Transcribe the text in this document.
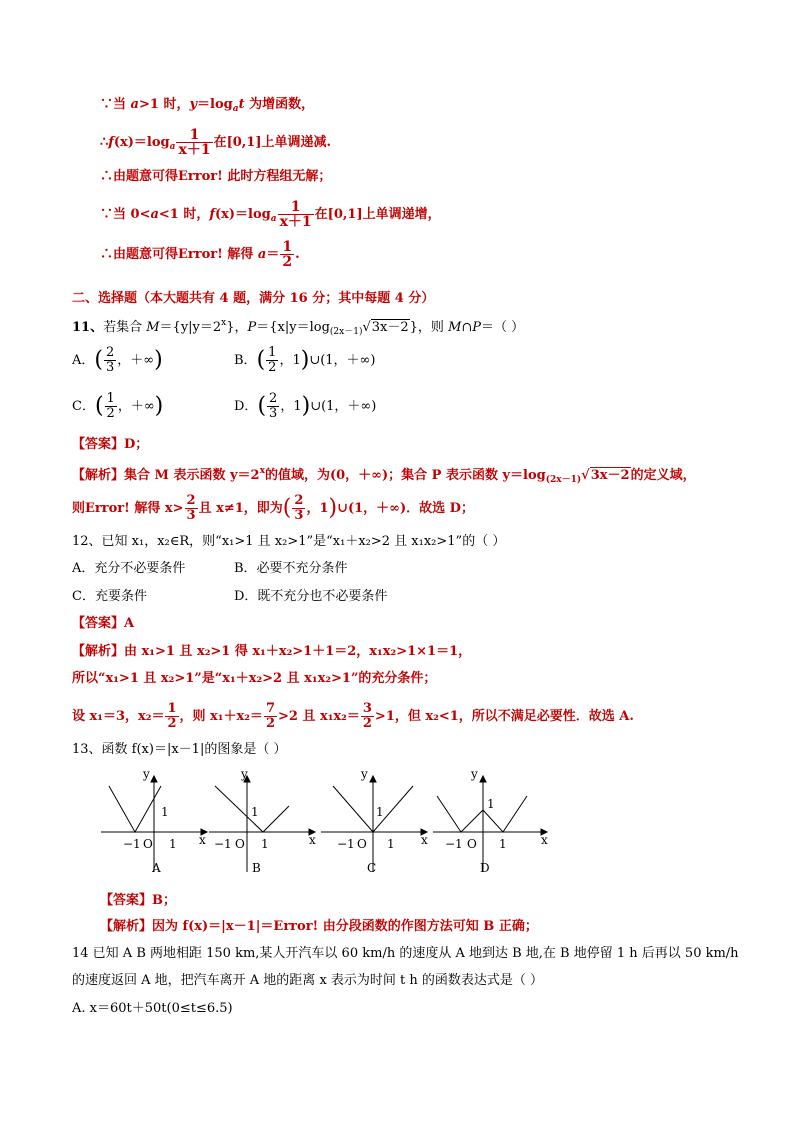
∵当 a>1 时，$y=\log_at$ 为增函数，
$\therefore f(x)=\log_a \frac{1}{x+1}$ 在[0,1]上单调递减.
∴由题意可得Error! 此时方程组无解；
∵当 0<a<1 时，$f(x)=\log_a \frac{1}{x+1}$ 在[0,1]上单调递增，
∴由题意可得Error! 解得 $a= \frac{1}{2}$ .
二、选择题（本大题共有 4 题，满分 16 分；其中每题 4 分）
11、若集合 $M=\{y|y=2^x\}$，$P=\{x|y=\log_{(2x-1)}√3x-2\}$，则 M∩P＝（ ）
A．( $\frac{2}{3}$ ，＋∞)	B．( $\frac{1}{2}$ ，1)∪(1，＋∞)
C．( $\frac{1}{2}$ ，＋∞)	D．( $\frac{2}{3}$ ，1)∪(1，＋∞)
【答案】D；
【解析】集合 M 表示函数 $y=2^x$的值域，为(0，＋∞)；集合 P 表示函数 $y=\log_{(2x-1)}√3x-2$的定义域，
则Error! 解得 $x> \frac{2}{3}$ 且 x≠1，即为( $\frac{2}{3}$ ，1)∪(1，＋∞)．故选 D；
12、已知 x₁，x₂∈R，则“x₁>1 且 x₂>1”是“x₁＋x₂>2 且 x₁x₂>1”的（ ）
A．充分不必要条件	B．必要不充分条件
C．充要条件	D．既不充分也不必要条件
【答案】A
【解析】由 x₁>1 且 x₂>1 得 x₁＋x₂>1＋1＝2，x₁x₂>1×1＝1，
所以“x₁>1 且 x₂>1”是“x₁＋x₂>2 且 x₁x₂>1”的充分条件；
设 x₁＝3，$x_2= \frac{1}{2}$ ，则 $x_1+x_2= \frac{7}{2} >2$ 且 $x_1x_2= \frac{3}{2} >1$，但 x₂<1，所以不满足必要性．故选 A.
13、函数 f(x)＝|x－1|的图象是（ ）
y
x
−1 O 1
1
A
y
x
−1 O 1
1
B
y
x
−1 O 1
1
C
y
x
−1 O 1
1
D
【答案】B；
【解析】因为 f(x)＝|x－1|＝Error! 由分段函数的作图方法可知 B 正确；
14 已知 A B 两地相距 150 km,某人开汽车以 60 km/h 的速度从 A 地到达 B 地,在 B 地停留 1 h 后再以 50 km/h
的速度返回 A 地，把汽车离开 A 地的距离 x 表示为时间 t h 的函数表达式是（ ）
A. x＝60t＋50t(0≤t≤6.5)
